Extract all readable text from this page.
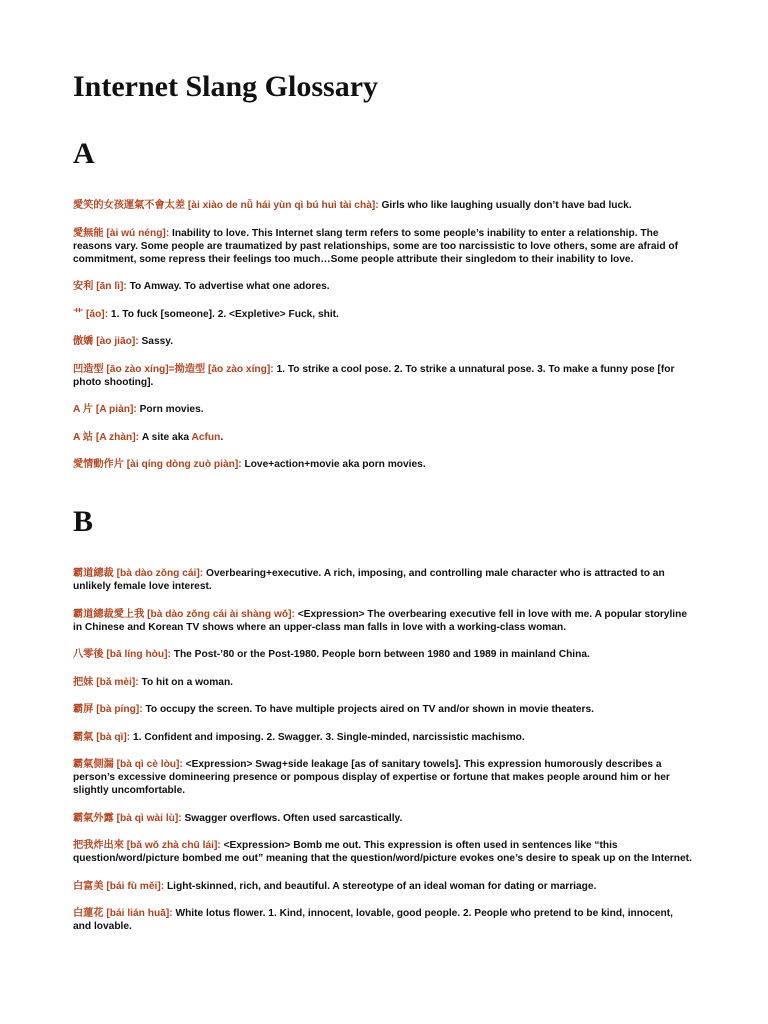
Internet Slang Glossary
A

愛笑的女孩運氣不會太差 [ài xiào de nǚ hái yùn qì bú huì tài chà]: Girls who like laughing usually don’t have bad luck.

愛無能 [ài wú néng]: Inability to love. This Internet slang term refers to some people’s inability to enter a relationship. The reasons vary. Some people are traumatized by past relationships, some are too narcissistic to love others, some are afraid of commitment, some repress their feelings too much…Some people attribute their singledom to their inability to love.

安利 [ān lì]: To Amway. To advertise what one adores.

⺾ [ǎo]: 1. To fuck [someone]. 2. <Expletive> Fuck, shit.

傲嬌 [ào jiāo]: Sassy.

凹造型 [āo zào xíng]=拗造型 [ǎo zào xíng]: 1. To strike a cool pose. 2. To strike a unnatural pose. 3. To make a funny pose [for photo shooting].

A 片 [A piàn]: Porn movies.

A 站 [A zhàn]: A site aka Acfun.

愛情動作片 [ài qíng dòng zuò piàn]: Love+action+movie aka porn movies.

B

霸道總裁 [bà dào zǒng cái]: Overbearing+executive. A rich, imposing, and controlling male character who is attracted to an unlikely female love interest.

霸道總裁愛上我 [bà dào zǒng cái ài shàng wǒ]: <Expression> The overbearing executive fell in love with me. A popular storyline in Chinese and Korean TV shows where an upper-class man falls in love with a working-class woman.

八零後 [bā líng hòu]: The Post-’80 or the Post-1980. People born between 1980 and 1989 in mainland China.

把妹 [bǎ mèi]: To hit on a woman.

霸屏 [bà píng]: To occupy the screen. To have multiple projects aired on TV and/or shown in movie theaters.

霸氣 [bà qì]: 1. Confident and imposing. 2. Swagger. 3. Single-minded, narcissistic machismo.

霸氣側漏 [bà qì cè lòu]: <Expression> Swag+side leakage [as of sanitary towels]. This expression humorously describes a person’s excessive domineering presence or pompous display of expertise or fortune that makes people around him or her slightly uncomfortable.

霸氣外露 [bà qì wài lù]: Swagger overflows. Often used sarcastically.

把我炸出來 [bǎ wǒ zhà chū lái]: <Expression> Bomb me out. This expression is often used in sentences like “this question/word/picture bombed me out” meaning that the question/word/picture evokes one’s desire to speak up on the Internet.

白富美 [bái fù měi]: Light-skinned, rich, and beautiful. A stereotype of an ideal woman for dating or marriage.

白蓮花 [bái lián huā]: White lotus flower. 1. Kind, innocent, lovable, good people. 2. People who pretend to be kind, innocent, and lovable.
